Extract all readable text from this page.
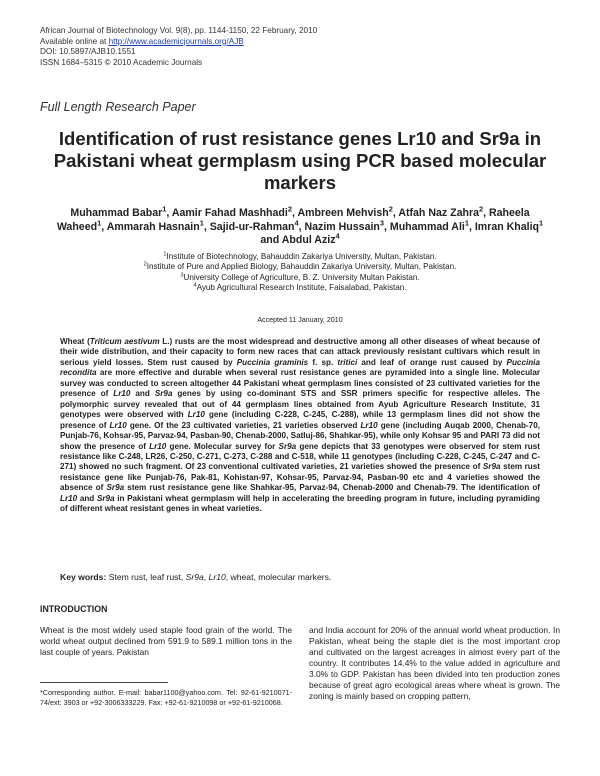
African Journal of Biotechnology Vol. 9(8), pp. 1144-1150, 22 February, 2010
Available online at http://www.academicjournals.org/AJB
DOI: 10.5897/AJB10.1551
ISSN 1684–5315 © 2010 Academic Journals
Full Length Research Paper
Identification of rust resistance genes Lr10 and Sr9a in Pakistani wheat germplasm using PCR based molecular markers
Muhammad Babar$^1$, Aamir Fahad Mashhadi$^2$, Ambreen Mehvish$^2$, Atfah Naz Zahra$^2$, Raheela Waheed$^1$, Ammarah Hasnain$^1$, Sajid-ur-Rahman$^4$, Nazim Hussain$^3$, Muhammad Ali$^1$, Imran Khaliq$^1$ and Abdul Aziz$^4$
$^1$Institute of Biotechnology, Bahauddin Zakariya University, Multan, Pakistan.
$^2$Institute of Pure and Applied Biology, Bahauddin Zakariya University, Multan, Pakistan.
$^3$University College of Agriculture, B. Z. University Multan Pakistan.
$^4$Ayub Agricultural Research Institute, Faisalabad, Pakistan.
Accepted 11 January, 2010
Wheat (Triticum aestivum L.) rusts are the most widespread and destructive among all other diseases of wheat because of their wide distribution, and their capacity to form new races that can attack previously resistant cultivars which result in serious yield losses. Stem rust caused by Puccinia graminis f. sp. tritici and leaf of orange rust caused by Puccinia recondita are more effective and durable when several rust resistance genes are pyramided into a single line. Molecular survey was conducted to screen altogether 44 Pakistani wheat germplasm lines consisted of 23 cultivated varieties for the presence of Lr10 and Sr9a genes by using co-dominant STS and SSR primers specific for respective alleles. The polymorphic survey revealed that out of 44 germplasm lines obtained from Ayub Agriculture Research Institute, 31 genotypes were observed with Lr10 gene (including C-228, C-245, C-288), while 13 germplasm lines did not show the presence of Lr10 gene. Of the 23 cultivated varieties, 21 varieties observed Lr10 gene (including Auqab 2000, Chenab-70, Punjab-76, Kohsar-95, Parvaz-94, Pasban-90, Chenab-2000, Satluj-86, Shahkar-95), while only Kohsar 95 and PARI 73 did not show the presence of Lr10 gene. Molecular survey for Sr9a gene depicts that 33 genotypes were observed for stem rust resistance like C-248, LR26, C-250, C-271, C-273, C-288 and C-518, while 11 genotypes (including C-228, C-245, C-247 and C-271) showed no such fragment. Of 23 conventional cultivated varieties, 21 varieties showed the presence of Sr9a stem rust resistance gene like Punjab-76, Pak-81, Kohistan-97, Kohsar-95, Parvaz-94, Pasban-90 etc and 4 varieties showed the absence of Sr9a stem rust resistance gene like Shahkar-95, Parvaz-94, Chenab-2000 and Chenab-79. The identification of Lr10 and Sr9a in Pakistani wheat germplasm will help in accelerating the breeding program in future, including pyramiding of different wheat resistant genes in wheat varieties.
Key words: Stem rust, leaf rust, Sr9a, Lr10, wheat, molecular markers.
INTRODUCTION
Wheat is the most widely used staple food grain of the world. The world wheat output declined from 591.9 to 589.1 million tons in the last couple of years. Pakistan
and India account for 20% of the annual world wheat production. In Pakistan, wheat being the staple diet is the most important crop and cultivated on the largest acreages in almost every part of the country. It contributes 14.4% to the value added in agriculture and 3.0% to GDP. Pakistan has been divided into ten production zones because of great agro ecological areas where wheat is grown. The zoning is mainly based on cropping pattern,
*Corresponding author. E-mail: babar1100@yahoo.com. Tel: 92-61-9210071-74/ext: 3903 or +92-3006333229. Fax: +92-61-9210098 or +92-61-9210068.
